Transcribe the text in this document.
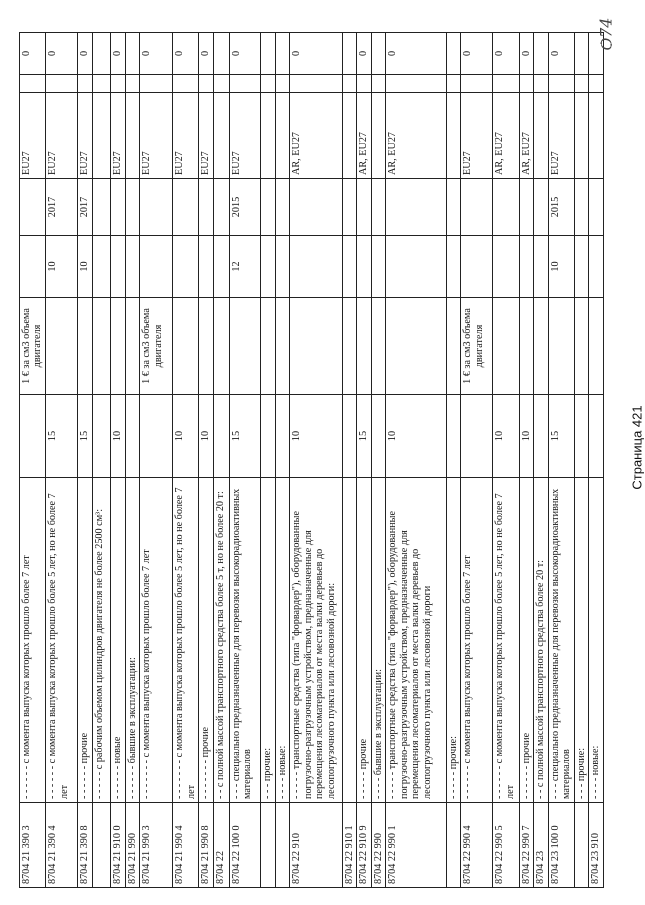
8704 21 390 3	- - - - - - с момента выпуска которых прошло более 7 лет		1 € за см3 объема двигателя			EU27		0
8704 21 390 4	- - - - - - с момента выпуска которых прошло более 5 лет, но не более 7 лет	15		10	2017	EU27		0
8704 21 390 8	- - - - - - прочие	15		10	2017	EU27		0
	- - - - - с рабочим объемом цилиндров двигателя не более 2500 см³:							
8704 21 910 0	- - - - - - новые	10				EU27		0
8704 21 990	- - - - - - бывшие в эксплуатации:							
8704 21 990 3	- - - - - - - с момента выпуска которых прошло более 7 лет		1 € за см3 объема двигателя			EU27		0
8704 21 990 4	- - - - - - - с момента выпуска которых прошло более 5 лет, но не более 7 лет	10				EU27		0
8704 21 990 8	- - - - - - - прочие	10				EU27		0
8704 22	- - с полной массой транспортного средства более 5 т, но не более 20 т:							
8704 22 100 0	- - - специально предназначенные для перевозки высокорадиоактивных материалов	15		12	2015	EU27		0
	- - - прочие:							
	- - - - новые:							
8704 22 910	- - - - - транспортные средства (типа "форвардер"), оборудованные погрузочно-разгрузочным устройством, предназначенные для перемещения лесоматериалов от места валки деревьев до лесопогрузочного пункта или лесовозной дороги:	10				AR, EU27		0
8704 22 910 1								
8704 22 910 9	- - - - - прочие	15				AR, EU27		0
8704 22 990	- - - - бывшие в эксплуатации:							
8704 22 990 1	- - - - - транспортные средства (типа "форвардер"), оборудованные погрузочно-разгрузочным устройством, предназначенные для перемещения лесоматериалов от места валки деревьев до лесопогрузочного пункта или лесовозной дороги	10				AR, EU27		0
	- - - - - прочие:							
8704 22 990 4	- - - - - - с момента выпуска которых прошло более 7 лет		1 € за см3 объема двигателя			EU27		0
8704 22 990 5	- - - - - - с момента выпуска которых прошло более 5 лет, но не более 7 лет	10				AR, EU27		0
8704 22 990 7	- - - - - - прочие	10				AR, EU27		0
8704 23	- - с полной массой транспортного средства более 20 т:							
8704 23 100 0	- - - специально предназначенные для перевозки высокорадиоактивных материалов	15		10	2015	EU27		0
	- - - прочие:							
8704 23 910	- - - - новые:							
Страница 421
Ѻ74
